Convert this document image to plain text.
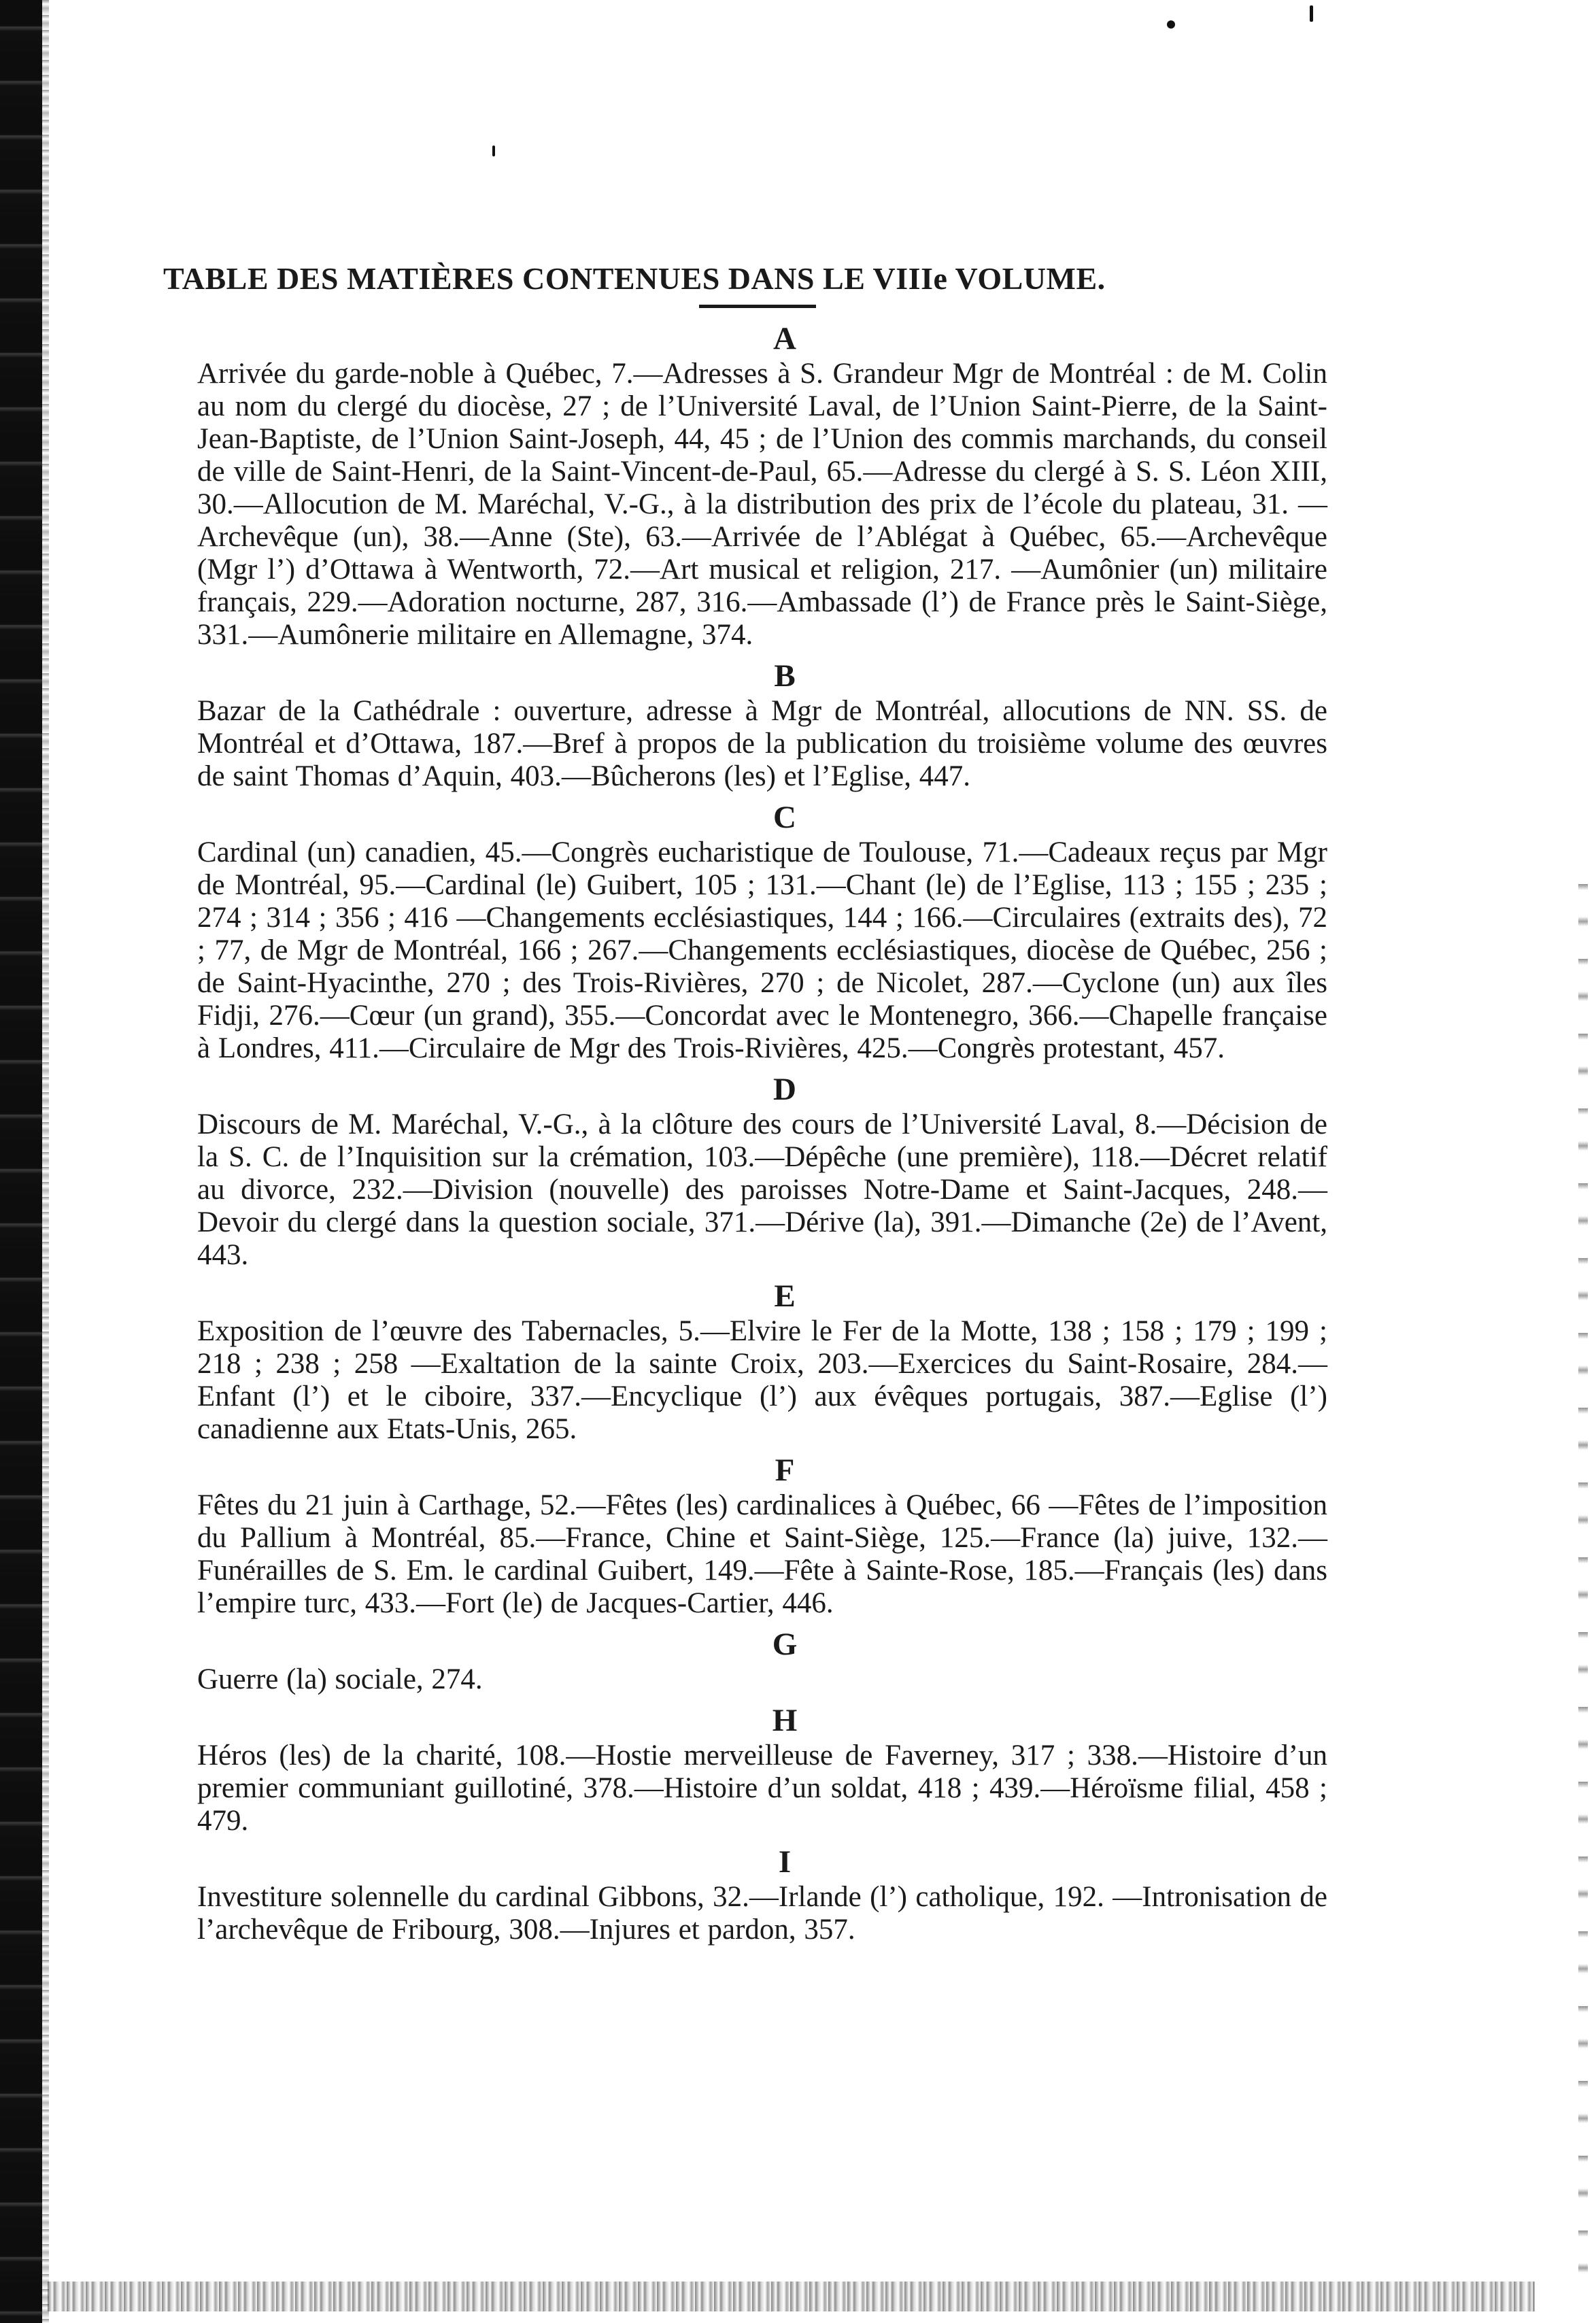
TABLE DES MATIÈRES CONTENUES DANS LE VIIIe VOLUME.
A

Arrivée du garde-noble à Québec, 7.—Adresses à S. Grandeur Mgr de Montréal : de M. Colin au nom du clergé du diocèse, 27 ; de l’Université Laval, de l’Union Saint-Pierre, de la Saint-Jean-Baptiste, de l’Union Saint-Joseph, 44, 45 ; de l’Union des commis marchands, du conseil de ville de Saint-Henri, de la Saint-Vincent-de-Paul, 65.—Adresse du clergé à S. S. Léon XIII, 30.—Allocution de M. Maréchal, V.-G., à la distribution des prix de l’école du plateau, 31. —Archevêque (un), 38.—Anne (Ste), 63.—Arrivée de l’Ablégat à Québec, 65.—Archevêque (Mgr l’) d’Ottawa à Wentworth, 72.—Art musical et religion, 217. —Aumônier (un) militaire français, 229.—Adoration nocturne, 287, 316.—Ambassade (l’) de France près le Saint-Siège, 331.—Aumônerie militaire en Allemagne, 374.

B

Bazar de la Cathédrale : ouverture, adresse à Mgr de Montréal, allocutions de NN. SS. de Montréal et d’Ottawa, 187.—Bref à propos de la publication du troisième volume des œuvres de saint Thomas d’Aquin, 403.—Bûcherons (les) et l’Eglise, 447.

C

Cardinal (un) canadien, 45.—Congrès eucharistique de Toulouse, 71.—Cadeaux reçus par Mgr de Montréal, 95.—Cardinal (le) Guibert, 105 ; 131.—Chant (le) de l’Eglise, 113 ; 155 ; 235 ; 274 ; 314 ; 356 ; 416 —Changements ecclésiastiques, 144 ; 166.—Circulaires (extraits des), 72 ; 77, de Mgr de Montréal, 166 ; 267.—Changements ecclésiastiques, diocèse de Québec, 256 ; de Saint-Hyacinthe, 270 ; des Trois-Rivières, 270 ; de Nicolet, 287.—Cyclone (un) aux îles Fidji, 276.—Cœur (un grand), 355.—Concordat avec le Montenegro, 366.—Chapelle française à Londres, 411.—Circulaire de Mgr des Trois-Rivières, 425.—Congrès protestant, 457.

D

Discours de M. Maréchal, V.-G., à la clôture des cours de l’Université Laval, 8.—Décision de la S. C. de l’Inquisition sur la crémation, 103.—Dépêche (une première), 118.—Décret relatif au divorce, 232.—Division (nouvelle) des paroisses Notre-Dame et Saint-Jacques, 248.—Devoir du clergé dans la question sociale, 371.—Dérive (la), 391.—Dimanche (2e) de l’Avent, 443.

E

Exposition de l’œuvre des Tabernacles, 5.—Elvire le Fer de la Motte, 138 ; 158 ; 179 ; 199 ; 218 ; 238 ; 258 —Exaltation de la sainte Croix, 203.—Exercices du Saint-Rosaire, 284.—Enfant (l’) et le ciboire, 337.—Encyclique (l’) aux évêques portugais, 387.—Eglise (l’) canadienne aux Etats-Unis, 265.

F

Fêtes du 21 juin à Carthage, 52.—Fêtes (les) cardinalices à Québec, 66 —Fêtes de l’imposition du Pallium à Montréal, 85.—France, Chine et Saint-Siège, 125.—France (la) juive, 132.—Funérailles de S. Em. le cardinal Guibert, 149.—Fête à Sainte-Rose, 185.—Français (les) dans l’empire turc, 433.—Fort (le) de Jacques-Cartier, 446.

G

Guerre (la) sociale, 274.

H

Héros (les) de la charité, 108.—Hostie merveilleuse de Faverney, 317 ; 338.—Histoire d’un premier communiant guillotiné, 378.—Histoire d’un soldat, 418 ; 439.—Héroïsme filial, 458 ; 479.

I

Investiture solennelle du cardinal Gibbons, 32.—Irlande (l’) catholique, 192. —Intronisation de l’archevêque de Fribourg, 308.—Injures et pardon, 357.
